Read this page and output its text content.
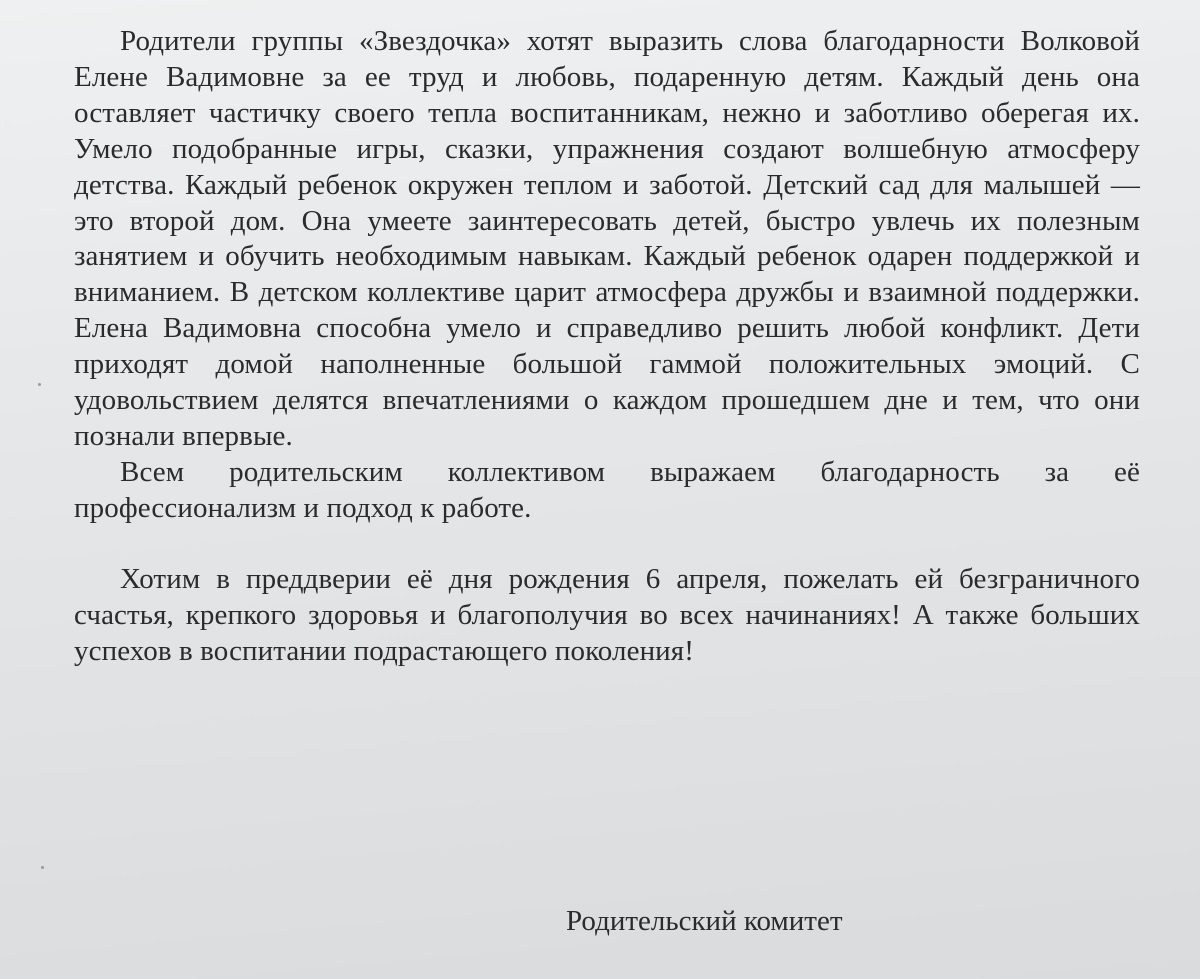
Родители группы «Звездочка» хотят выразить слова благодарности Волковой Елене Вадимовне за ее труд и любовь, подаренную детям. Каждый день она оставляет частичку своего тепла воспитанникам, нежно и заботливо оберегая их. Умело подобранные игры, сказки, упражнения создают волшебную атмосферу детства. Каждый ребенок окружен теплом и заботой. Детский сад для малышей — это второй дом. Она умеете заинтересовать детей, быстро увлечь их полезным занятием и обучить необходимым навыкам. Каждый ребенок одарен поддержкой и вниманием. В детском коллективе царит атмосфера дружбы и взаимной поддержки. Елена Вадимовна способна умело и справедливо решить любой конфликт. Дети приходят домой наполненные большой гаммой положительных эмоций. С удовольствием делятся впечатлениями о каждом прошедшем дне и тем, что они познали впервые.

Всем родительским коллективом выражаем благодарность за её профессионализм и подход к работе.

Хотим в преддверии её дня рождения 6 апреля, пожелать ей безграничного счастья, крепкого здоровья и благополучия во всех начинаниях! А также больших успехов в воспитании подрастающего поколения!

Родительский комитет
